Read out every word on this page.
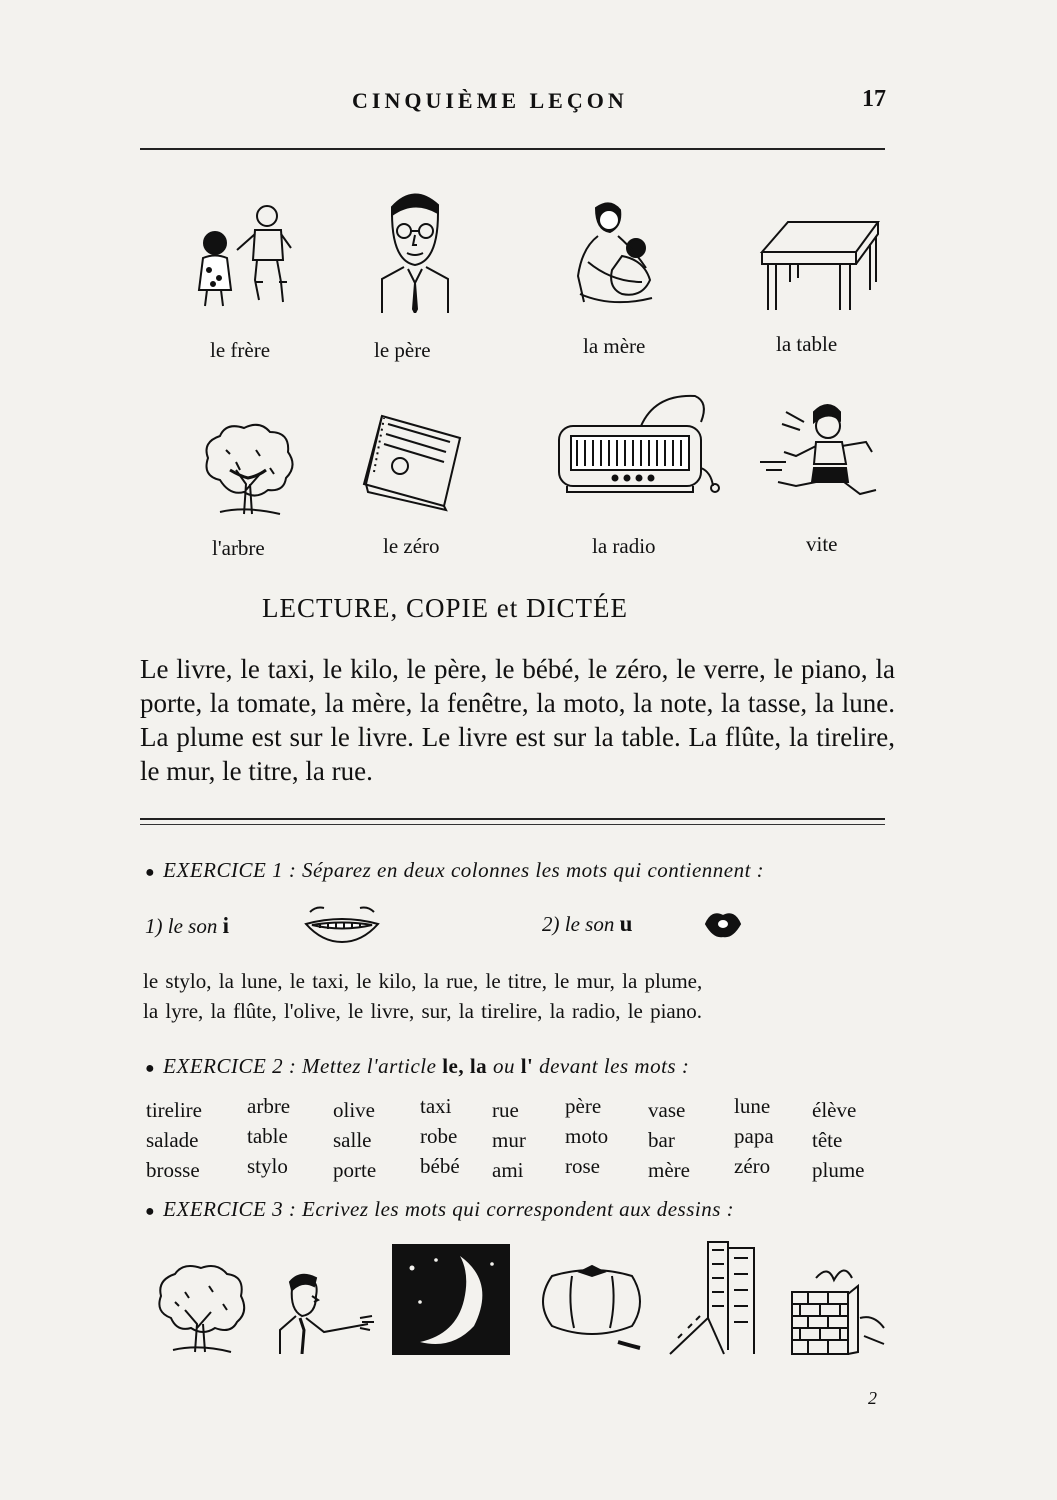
CINQUIÈME LEÇON	17
le frère	le père	la mère	la table
l'arbre	le zéro	la radio	vite
LECTURE, COPIE et DICTÉE
Le livre, le taxi, le kilo, le père, le bébé, le zéro, le verre, le piano, la porte, la tomate, la mère, la fenêtre, la moto, la note, la tasse, la lune. La plume est sur le livre. Le livre est sur la table. La flûte, la tirelire, le mur, le titre, la rue.
● EXERCICE 1 : Séparez en deux colonnes les mots qui contiennent :
1) le son i	2) le son u
le stylo, la lune, le taxi, le kilo, la rue, le titre, le mur, la plume,
la lyre, la flûte, l'olive, le livre, sur, la tirelire, la radio, le piano.
● EXERCICE 2 : Mettez l'article le, la ou l' devant les mots :
tirelire arbre olive taxi rue père vase lune élève
salade table salle robe mur moto bar	papa tête
brosse stylo porte bébé ami rose mère zéro plume
● EXERCICE 3 : Ecrivez les mots qui correspondent aux dessins :
2
